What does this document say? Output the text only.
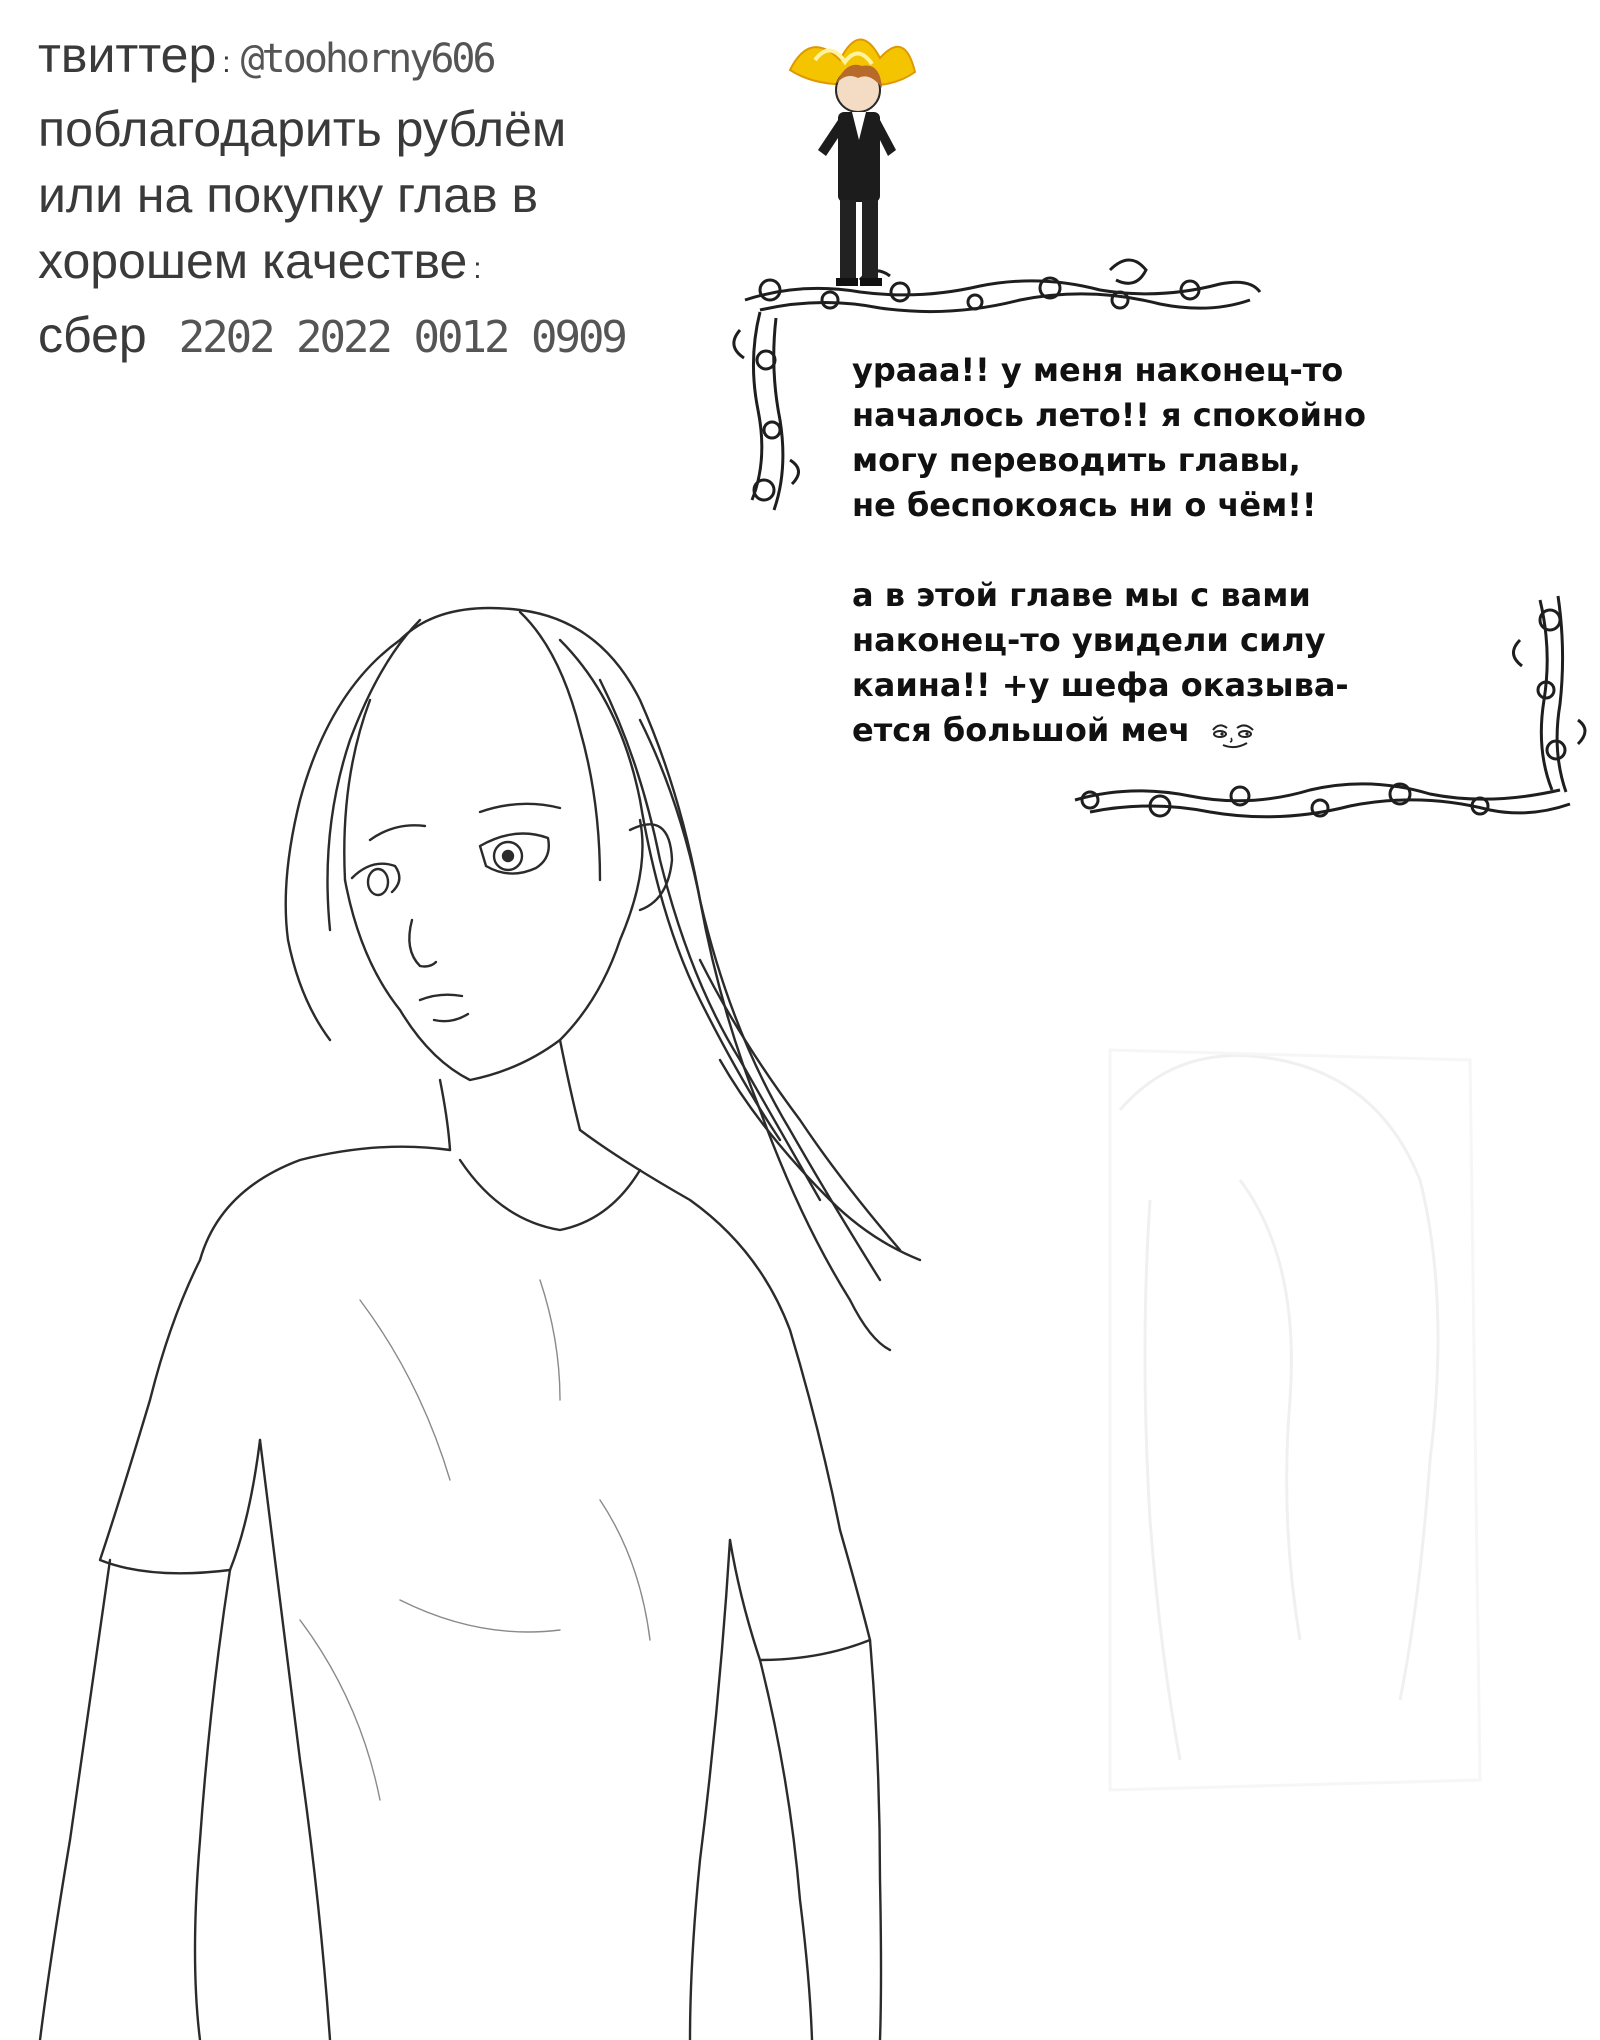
твиттер : @toohorny606
поблагодарить рублём
или на покупку глав в
хорошем качестве :
сбер 2202 2022 0012 0909
урааа!! у меня наконец-то
началось лето!! я спокойно
могу переводить главы,
не беспокоясь ни о чём!!
а в этой главе мы с вами
наконец-то увидели силу
каина!! +у шефа оказыва-
ется большой меч
